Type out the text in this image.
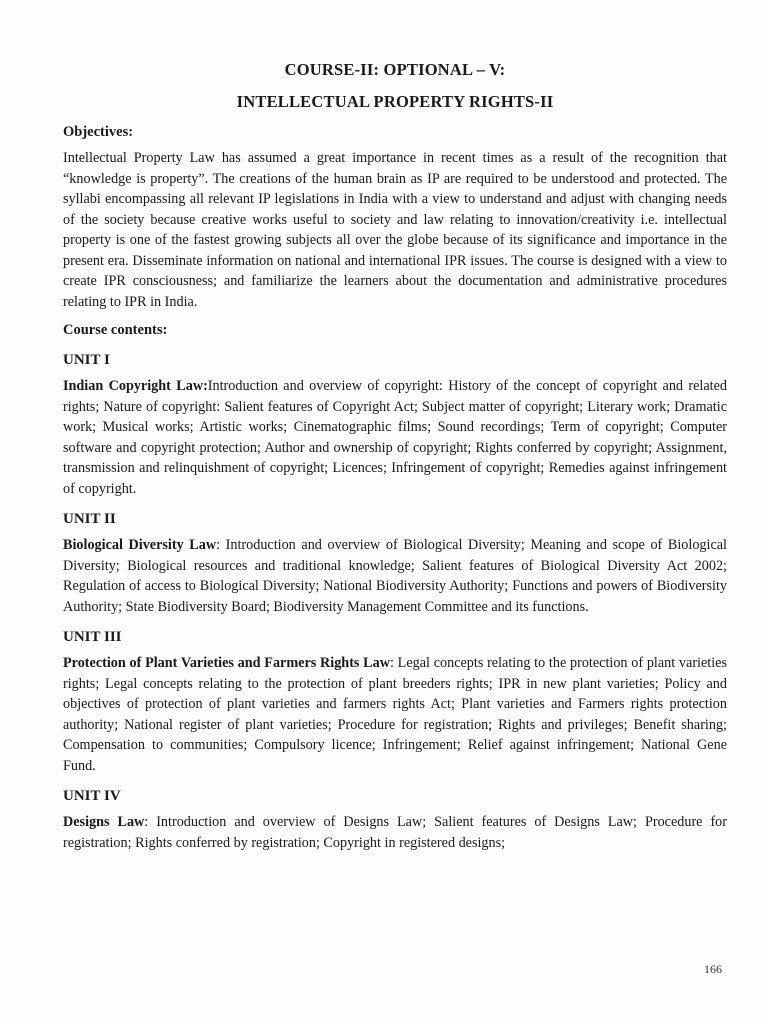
COURSE-II: OPTIONAL – V:
INTELLECTUAL PROPERTY RIGHTS-II
Objectives:

Intellectual Property Law has assumed a great importance in recent times as a result of the recognition that “knowledge is property”. The creations of the human brain as IP are required to be understood and protected. The syllabi encompassing all relevant IP legislations in India with a view to understand and adjust with changing needs of the society because creative works useful to society and law relating to innovation/creativity i.e. intellectual property is one of the fastest growing subjects all over the globe because of its significance and importance in the present era. Disseminate information on national and international IPR issues. The course is designed with a view to create IPR consciousness; and familiarize the learners about the documentation and administrative procedures relating to IPR in India.

Course contents:
UNIT I

Indian Copyright Law:Introduction and overview of copyright: History of the concept of copyright and related rights; Nature of copyright: Salient features of Copyright Act; Subject matter of copyright; Literary work; Dramatic work; Musical works; Artistic works; Cinematographic films; Sound recordings; Term of copyright; Computer software and copyright protection; Author and ownership of copyright; Rights conferred by copyright; Assignment, transmission and relinquishment of copyright; Licences; Infringement of copyright; Remedies against infringement of copyright.

UNIT II

Biological Diversity Law: Introduction and overview of Biological Diversity; Meaning and scope of Biological Diversity; Biological resources and traditional knowledge; Salient features of Biological Diversity Act 2002; Regulation of access to Biological Diversity; National Biodiversity Authority; Functions and powers of Biodiversity Authority; State Biodiversity Board; Biodiversity Management Committee and its functions.

UNIT III

Protection of Plant Varieties and Farmers Rights Law: Legal concepts relating to the protection of plant varieties rights; Legal concepts relating to the protection of plant breeders rights; IPR in new plant varieties; Policy and objectives of protection of plant varieties and farmers rights Act; Plant varieties and Farmers rights protection authority; National register of plant varieties; Procedure for registration; Rights and privileges; Benefit sharing; Compensation to communities; Compulsory licence; Infringement; Relief against infringement; National Gene Fund.

UNIT IV

Designs Law: Introduction and overview of Designs Law; Salient features of Designs Law; Procedure for registration; Rights conferred by registration; Copyright in registered designs;

166
